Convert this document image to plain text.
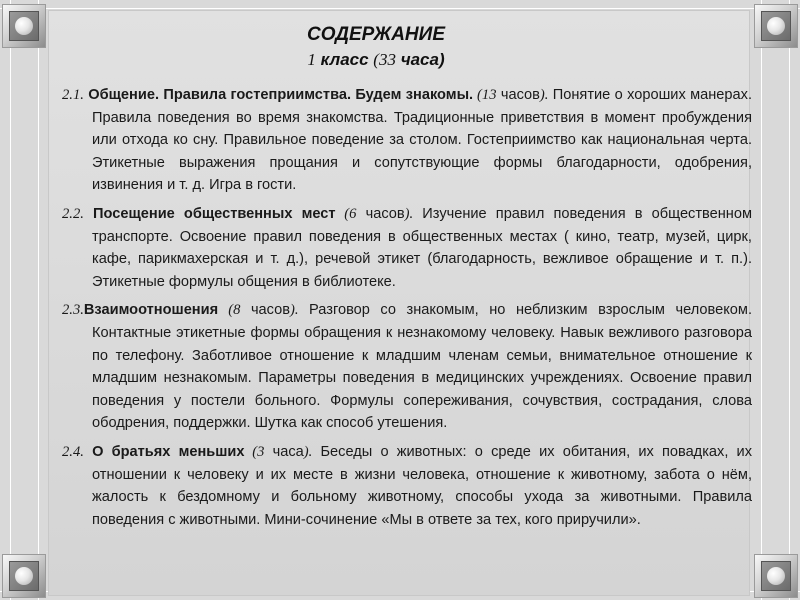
СОДЕРЖАНИЕ
1 класс (33 часа)

2.1. Общение. Правила гостеприимства. Будем знакомы. (13 часов). Понятие о хороших манерах. Правила поведения во время знакомства. Традиционные приветствия в момент пробуждения или отхода ко сну. Правильное поведение за столом. Гостеприимство как национальная черта. Этикетные выражения прощания и сопутствующие формы благодарности, одобрения, извинения и т. д. Игра в гости.

2.2. Посещение общественных мест (6 часов). Изучение правил поведения в общественном транспорте. Освоение правил поведения в общественных местах ( кино, театр, музей, цирк, кафе, парикмахерская и т. д.), речевой этикет (благодарность, вежливое обращение и т. п.). Этикетные формулы общения в библиотеке.

2.3.Взаимоотношения (8 часов). Разговор со знакомым, но неблизким взрослым человеком. Контактные этикетные формы обращения к незнакомому человеку. Навык вежливого разговора по телефону. Заботливое отношение к младшим членам семьи, внимательное отношение к младшим незнакомым. Параметры поведения в медицинских учреждениях. Освоение правил поведения у постели больного. Формулы сопереживания, сочувствия, сострадания, слова ободрения, поддержки. Шутка как способ утешения.

2.4. О братьях меньших (3 часа). Беседы о животных: о среде их обитания, их повадках, их отношении к человеку и их месте в жизни человека, отношение к животному, забота о нём, жалость к бездомному и больному животному, способы ухода за животными. Правила поведения с животными. Мини-сочинение «Мы в ответе за тех, кого приручили».
